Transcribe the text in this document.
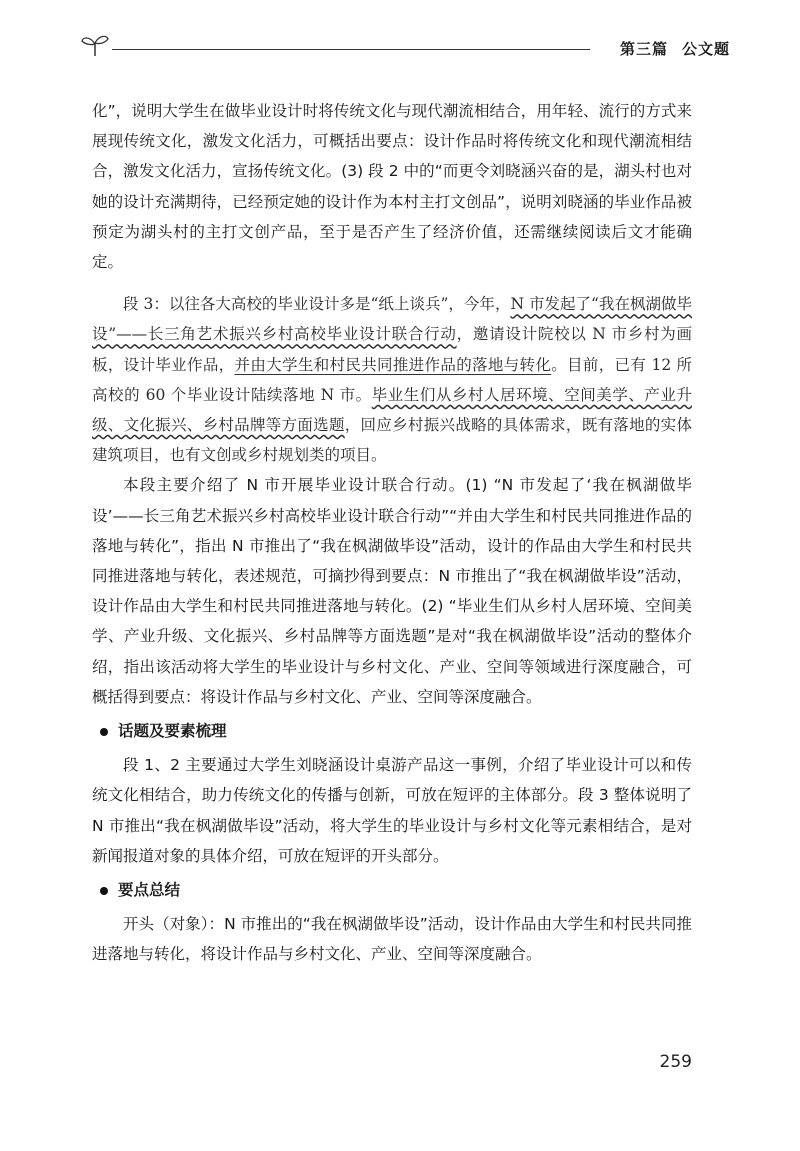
第三篇 公文题

化”，说明大学生在做毕业设计时将传统文化与现代潮流相结合，用年轻、流行的方式来展现传统文化，激发文化活力，可概括出要点：设计作品时将传统文化和现代潮流相结合，激发文化活力，宣扬传统文化。(3) 段 2 中的“而更令刘晓涵兴奋的是，湖头村也对她的设计充满期待，已经预定她的设计作为本村主打文创品”，说明刘晓涵的毕业作品被预定为湖头村的主打文创产品，至于是否产生了经济价值，还需继续阅读后文才能确定。

段 3：以往各大高校的毕业设计多是“纸上谈兵”，今年，N 市发起了“我在枫湖做毕设”——长三角艺术振兴乡村高校毕业设计联合行动，邀请设计院校以 N 市乡村为画板，设计毕业作品，并由大学生和村民共同推进作品的落地与转化。目前，已有 12 所高校的 60 个毕业设计陆续落地 N 市。毕业生们从乡村人居环境、空间美学、产业升级、文化振兴、乡村品牌等方面选题，回应乡村振兴战略的具体需求，既有落地的实体建筑项目，也有文创或乡村规划类的项目。

本段主要介绍了 N 市开展毕业设计联合行动。(1) “N 市发起了‘我在枫湖做毕设’——长三角艺术振兴乡村高校毕业设计联合行动”“并由大学生和村民共同推进作品的落地与转化”，指出 N 市推出了“我在枫湖做毕设”活动，设计的作品由大学生和村民共同推进落地与转化，表述规范，可摘抄得到要点：N 市推出了“我在枫湖做毕设”活动，设计作品由大学生和村民共同推进落地与转化。(2) “毕业生们从乡村人居环境、空间美学、产业升级、文化振兴、乡村品牌等方面选题”是对“我在枫湖做毕设”活动的整体介绍，指出该活动将大学生的毕业设计与乡村文化、产业、空间等领域进行深度融合，可概括得到要点：将设计作品与乡村文化、产业、空间等深度融合。

话题及要素梳理

段 1、2 主要通过大学生刘晓涵设计桌游产品这一事例，介绍了毕业设计可以和传统文化相结合，助力传统文化的传播与创新，可放在短评的主体部分。段 3 整体说明了 N 市推出“我在枫湖做毕设”活动，将大学生的毕业设计与乡村文化等元素相结合，是对新闻报道对象的具体介绍，可放在短评的开头部分。

要点总结

开头（对象）：N 市推出的“我在枫湖做毕设”活动，设计作品由大学生和村民共同推进落地与转化，将设计作品与乡村文化、产业、空间等深度融合。

259
